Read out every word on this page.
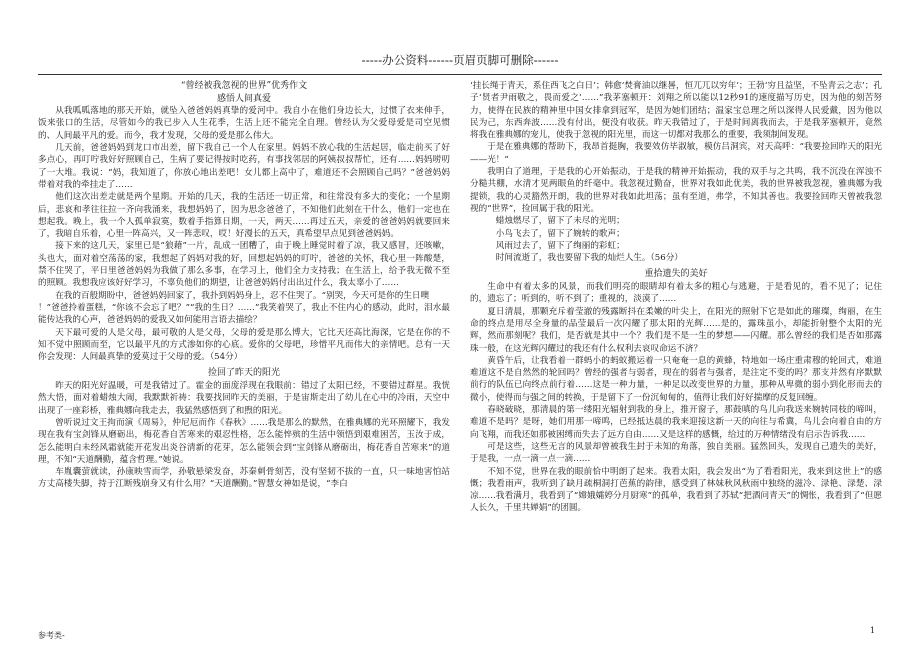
-----办公资料------页眉页脚可删除------
“曾经被我忽视的世界”优秀作文
感悟人间真爱

从我呱呱落地的那天开始，就坠入爸爸妈妈真挚的爱河中。我自小在他们身边长大，过惯了衣来伸手，饭来张口的生活，尽管如今的我已步入人生花季，生活上还不能完全自理。曾经认为父爱母爱是司空见惯的、人间最平凡的爱。而今，我才发现，父母的爱是那么伟大。

几天前，爸爸妈妈到龙口市出差，留下我自己一个人在家里。妈妈不放心我的生活起居，临走前买了好多点心，再叮咛我好好照顾自己，生病了要记得按时吃药，有事找邻居的阿姨叔叔帮忙，还有……妈妈唠叨了一大堆。我说：“妈，我知道了，你放心地出差吧！女儿都上高中了，难道还不会照顾自己吗？”爸爸妈妈带着对我的牵挂走了……

他们这次出差走就是两个星期。开始的几天，我的生活还一切正常，和往常没有多大的变化；一个星期后，悲哀和孝往往拉一齐向我涌来，我想妈妈了，因为思念爸爸了，不知他们此刻在干什么，他们一定也在想起我。晚上，我一个人孤单寂寞，数着手指算日期，一天，两天……再过五天，亲爱的爸爸妈妈就要回来了，我暗自乐着，心里一阵高兴，又一阵悲叹，哎！好漫长的五天，真希望早点见到爸爸妈妈。

接下来的这几天，家里已是“狼藉”一片，乱成一团糟了，由于晚上睡觉时着了凉，我又感冒，还咳嗽，头也大，面对着空荡荡的家，我想起了妈妈对我的好，回想起妈妈的叮咛，爸爸的关怀，我心里一阵酸楚，禁不住哭了，平日里爸爸妈妈为我做了那么多事，在学习上，他们全力支持我；在生活上，给予我无微不至的照顾。我想我应该好好学习，不辜负他们的期望，让爸爸妈妈付出出过什么，我太辜小了……

在我的百般期盼中，爸爸妈妈回家了，我扑到妈妈身上，忍不住哭了。“别哭，今天可是你的生日噢

！”爸爸拎着蛋糕，“你该不会忘了吧？”“我的生日？……”我笑着哭了，我止不住内心的感动，此时，泪水最能传达我的心声，爸爸妈妈的爱我又如何能用言语去描绘？

天下最可爱的人是父母，最可敬的人是父母，父母的爱是那么博大，它比天还高比海深，它是在你的不知不觉中照顾而至，它以最平凡的方式渗如你的心底。爱你的父母吧，珍惜平凡而伟大的亲情吧。总有一天你会发现：人间最真挚的爱莫过于父母的爱。（54分）

捡回了昨天的阳光

昨天的阳光好温暖，可是我错过了。霍金的面庞浮现在我眼前：错过了太阳已经，不要错过群星。我恍然大悟，面对着蜡烛大闹，我默默祈祷：我要找回昨天的美丽，于是宙斯走出了幼儿在心中的冷雨，天空中出现了一座彩桥，雅典娜向我走去，我猛然感悟到了和煦的阳光。

曾听说过文王拘而演《周易》，仲尼厄而作《春秋》……我是那么的默然，在雅典娜的光环照耀下，我发现在我有宝剑锋从磨砺出，梅花香自苦寒来的艰忍性格，怎么能悴殡的生活中领悟到艰难困苦，玉汝于成，怎么能明白未经风霜就能开花发出炎谷清新的花芽，怎么能领会到“宝剑锋从磨砺出，梅花香自苦寒来”的道理，不知“天道酬勤，蕴含哲理。”她说。

车胤囊萤就读，孙康映雪而学，孙敬悬梁发奋，苏秦刺骨刻苦，没有坚韧不拔的一直，只一味地害怕站方丈高楼失脚，持于江断残崩身又有什么用？“天道酬勤。”智慧女神如是说，“李白

‘挂长绳于青天，系住西飞之白日’；韩愈‘焚膏油以继晷，恒兀兀以穷年’；王勃‘穷且益坚，不坠青云之志’；孔子‘贤者尹雨敬之，畏而爱之’……”我茅塞顿开：刘翔之所以能以12秒91的速度描写历史，因为他的刻苦努力，使得在民族的精神里中国女排拿到冠军，是因为她们团结；温家宝总理之所以深得人民爱戴，因为他以民为己，东西奔波……没有付出，便没有收获。昨天我错过了，于是时间离我而去，于是我茅塞顿开，竟然将我在雅典娜的宠儿，使我于忽视的阳光里，而这一切都对我那么的重要，我须制间发现。

于是在雅典娜的帮助下，我昂首挺胸，我要效仿毕淑敏，模仿吕洞宾，对天高呼：“我要捡回昨天的阳光——光！”

我明白了道理，于是我的心开始振动，于是我的精神开始振动，我的双手与之共鸣，我不沉没在浑浊不分糙共棚，水清才见两眼鱼的纤毫中。我忽视过勤奋，世界对我如此优美，我的世界被我忽视，雅典娜为我提锁，我的心灵豁然开朗，我的世界对我如此坦荡；虽有至道，弗学，不知其善也。我要捡回昨天曾被我忽视的“世界”，捡回属于我的阳光。

蜡烛燃尽了，留下了未尽的光明；

小鸟飞去了，留下了婉转的歌声；

风雨过去了，留下了绚丽的彩虹；

时间流逝了，我也要留下我的灿烂人生。（56分）

重拾遗失的美好

生命中有着太多的风景，而我们明亮的眼睛却有着太多的粗心与逃避，于是看见的，看不见了；记住的，遗忘了；听到的，听不到了；重视的，淡漠了……

夏日清晨，那颗充斥着莹澈的残露断抖在柔嫩的叶尖上，在阳光的照射下它是如此的璀璨，绚丽，在生命的终点是用尽全身量的品莹最后一次闪耀了那太阳的光辉……是的，露珠虽小，却能折射整个太阳的光辉，然而那刻呢？我们，是否就是其中一个？我们是不是一生的梦想——闪耀。那么曾经的我们是否如那露珠一般，在这光辉闪耀过的我还有什么权利去哀叹命运不济？

黄昏午后，让我看着一群蚂小的蚂蚁搬运着一只奄奄一息的黄蜂，特地如一场庄重肃穆的轮回式，难道难道这不是自然然的轮回吗？曾经的强者与弱者，现在的弱者与强者，是注定不变的吗？那支并然有序默默前行的队伍已向终点前行着……这是一种力量，一种足以改变世界的力量，那种从卑微的弱小到化形而去的微小，使得而与强之间的转换，于是留下了一份沉甸甸的，值得让我们好好揣摩的反复回缠。

春晓破晓，那清晨的第一缕阳光辐射到我的身上，推开窗子，那鼓嗔的鸟儿向我送来婉转同枝的啼叫，难道不是吗？是呀，她们用那一啼鸣，已经抵达晨的我来迎接这新一天的向往与希冀，鸟儿会向着自由的方向飞翔，而我还如那被困缚而失去了远方自由……又是这样的感慨，给过的万种情绪没有启示告诉我……

可是这些，这些无言的风景却曾被我生封于未知的角落，独自美丽。猛然回头，发现自己遗失的美好，于是我，一点一滴一点一滴……

不知不觉，世界在我的眼前恰中明朗了起来。我看太阳，我会发出“为了看看阳光，我来到这世上”的感慨；我看雨声，我听到了缺月疏桐洞打芭蕉的韵律，感受到了林妹秋风秋雨中独绕的滋冷、渌艳、渌楚、渌凉……我看满月，我看到了“嫦娥孀婷分月厨寒”的孤单，我看到了苏轼“把酒问青天”的惆怅，我看到了“但愿人长久，千里共婵娟”的团圆。

参考类-
1
